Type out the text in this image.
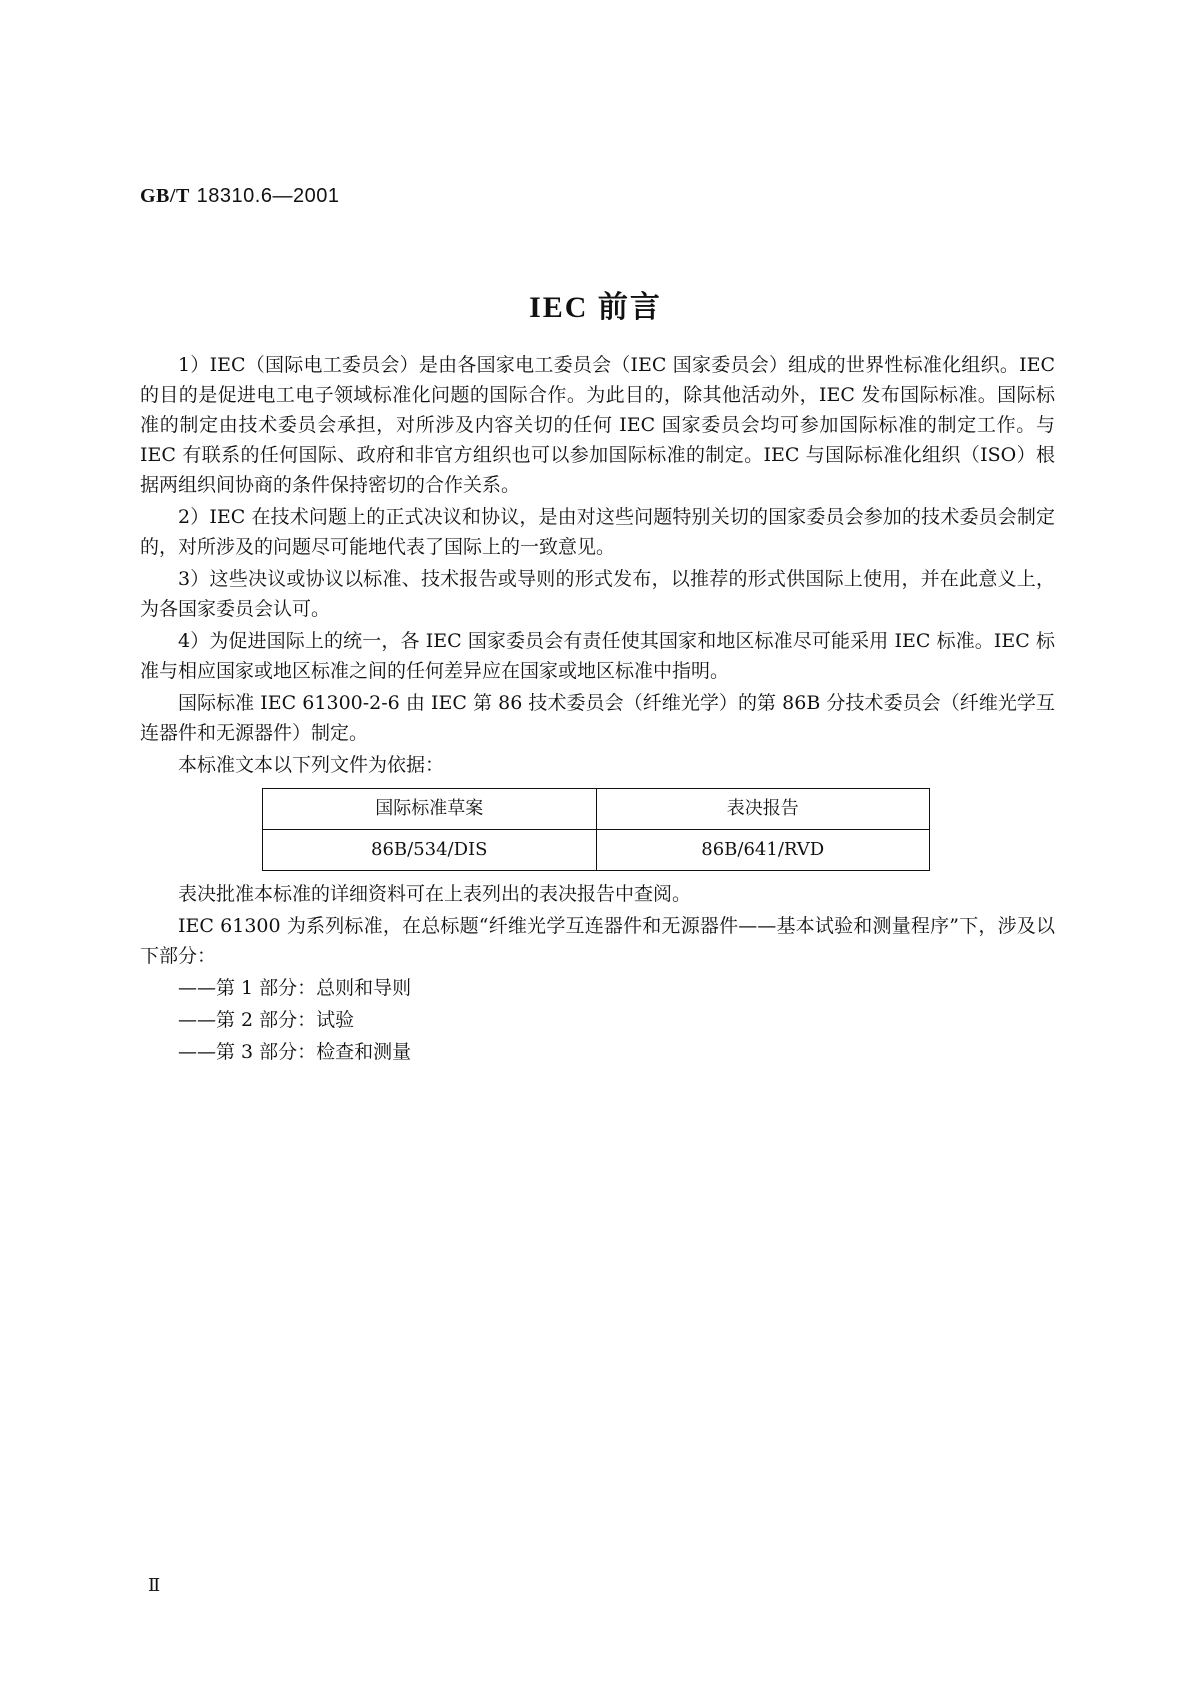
GB/T 18310.6—2001
IEC 前言

1）IEC（国际电工委员会）是由各国家电工委员会（IEC 国家委员会）组成的世界性标准化组织。IEC 的目的是促进电工电子领域标准化问题的国际合作。为此目的，除其他活动外，IEC 发布国际标准。国际标准的制定由技术委员会承担，对所涉及内容关切的任何 IEC 国家委员会均可参加国际标准的制定工作。与 IEC 有联系的任何国际、政府和非官方组织也可以参加国际标准的制定。IEC 与国际标准化组织（ISO）根据两组织间协商的条件保持密切的合作关系。

2）IEC 在技术问题上的正式决议和协议，是由对这些问题特别关切的国家委员会参加的技术委员会制定的，对所涉及的问题尽可能地代表了国际上的一致意见。

3）这些决议或协议以标准、技术报告或导则的形式发布，以推荐的形式供国际上使用，并在此意义上，为各国家委员会认可。

4）为促进国际上的统一，各 IEC 国家委员会有责任使其国家和地区标准尽可能采用 IEC 标准。IEC 标准与相应国家或地区标准之间的任何差异应在国家或地区标准中指明。

国际标准 IEC 61300-2-6 由 IEC 第 86 技术委员会（纤维光学）的第 86B 分技术委员会（纤维光学互连器件和无源器件）制定。

本标准文本以下列文件为依据：

国际标准草案	表决报告
86B/534/DIS	86B/641/RVD

表决批准本标准的详细资料可在上表列出的表决报告中查阅。

IEC 61300 为系列标准，在总标题“纤维光学互连器件和无源器件——基本试验和测量程序”下，涉及以下部分：

——第 1 部分：总则和导则

——第 2 部分：试验

——第 3 部分：检查和测量

Ⅱ
